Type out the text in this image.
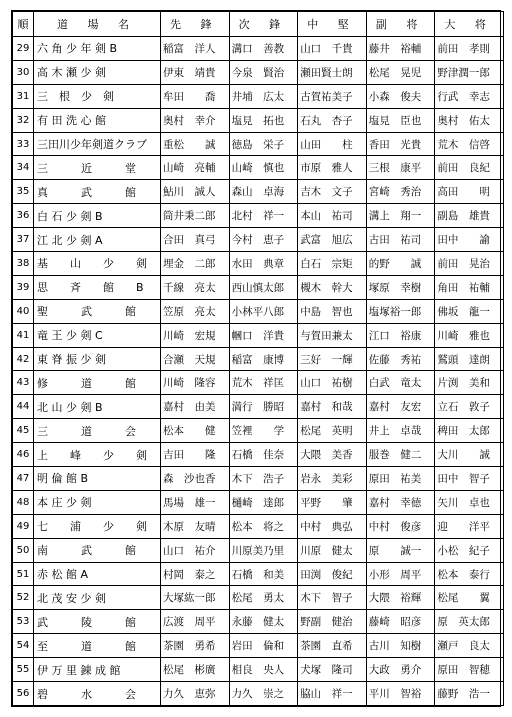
順	道 場 名	先 鋒	次 鋒	中 堅	副 将	大 将
29	六 角 少 年 剣 B	稲富　洋人	溝口　善教	山口　千貴	藤井　裕輔	前田　孝則
30	高 木 瀬 少 剣	伊東　靖貴	今泉　賢治	瀬田賢士朗	松尾　晃児	野津潤一郎
31	三　根　少　剣	牟田　　喬	井埔　広太	古賀祐美子	小森　俊夫	行武　幸志
32	有 田 洗 心 館	奥村　幸介	塩見　拓也	石丸　杏子	塩見　臣也	奥村　佑太
33	三田川少年剣道クラブ	重松　　誠	徳島　栄子	山田　　柱	香田　光貴	荒木　信啓
34	三　　　近　　　堂	山崎　亮輔	山崎　慎也	市原　雅人	三根　康平	前田　良紀
35	真　　　武　　　館	鮎川　誠人	森山　卓海	吉木　文子	宮崎　秀治	高田　　明
36	白 石 少 剣 B	筒井秉二郎	北村　祥一	本山　祐司	溝上　翔一	副島　雄貴
37	江 北 少 剣 A	合田　真弓	今村　恵子	武富　旭広	古田　祐司	田中　　諭
38	基　　山　　少　　剣	埋金　二郎	水田　典章	白石　宗矩	的野　　誠	前田　晃治
39	思　　斉　　館　　B	千線　亮太	西山慎太郎	槻木　幹大	塚原　幸樹	角田　祐輔
40	聖　　　武　　　館	笠原　亮太	小林平八郎	中島　智也	塩塚裕一郎	佛坂　龍一
41	竜 王 少 剣 C	川崎　宏規	幗口　洋貴	与賀田兼太	江口　裕康	川崎　雅也
42	東 脊 振 少 剣	合瀬　天規	稲富　康博	三好　一輝	佐藤　秀祐	鷲頭　達朗
43	修　　　道　　　館	川崎　隆容	荒木　祥匡	山口　祐樹	白武　竜太	片渕　美和
44	北 山 少 剣 B	嘉村　由美	満行　勝昭	嘉村　和哉	嘉村　友宏	立石　敦子
45	三　　　道　　　会	松本　　健	笠裡　　学	松尾　英明	井上　卓哉	稗田　太郎
46	上　　峰　　少　　剣	吉田　　隆	石橋　佳奈	大隈　美香	服巻　健二	大川　　誠
47	明 倫 館 B	森　沙也香	木下　浩子	岩永　美彩	原田　祐美	田中　智子
48	本 庄 少 剣	馬場　雄一	樋崎　達郎	平野　　肇	嘉村　幸徳	矢川　卓也
49	七　　浦　　少　　剣	木原　友晴	松本　将之	中村　典弘	中村　俊彦	迎　　洋平
50	南　　　武　　　館	山口　祐介	川原美乃里	川原　健太	原　　誠一	小松　紀子
51	赤 松 館 A	村岡　泰之	石橋　和美	田渕　俊紀	小形　周平	松本　泰行
52	北 茂 安 少 剣	大塚紘一郎	松尾　勇太	木下　智子	大隈　裕輝	松尾　　翼
53	武　　　陵　　　館	広渡　周平	永藤　健太	野副　健治	藤崎　昭彦	原　英太郎
54	至　　　道　　　館	茶園　勇希	岩田　倫和	茶園　直希	古川　知樹	瀬戸　良太
55	伊 万 里 錬 成 館	松尾　彬廣	相良　央人	犬塚　隆司	大政　勇介	原田　智穂
56	碧　　　水　　　会	力久　恵弥	力久　崇之	脇山　祥一	平川　智裕	藤野　浩一
